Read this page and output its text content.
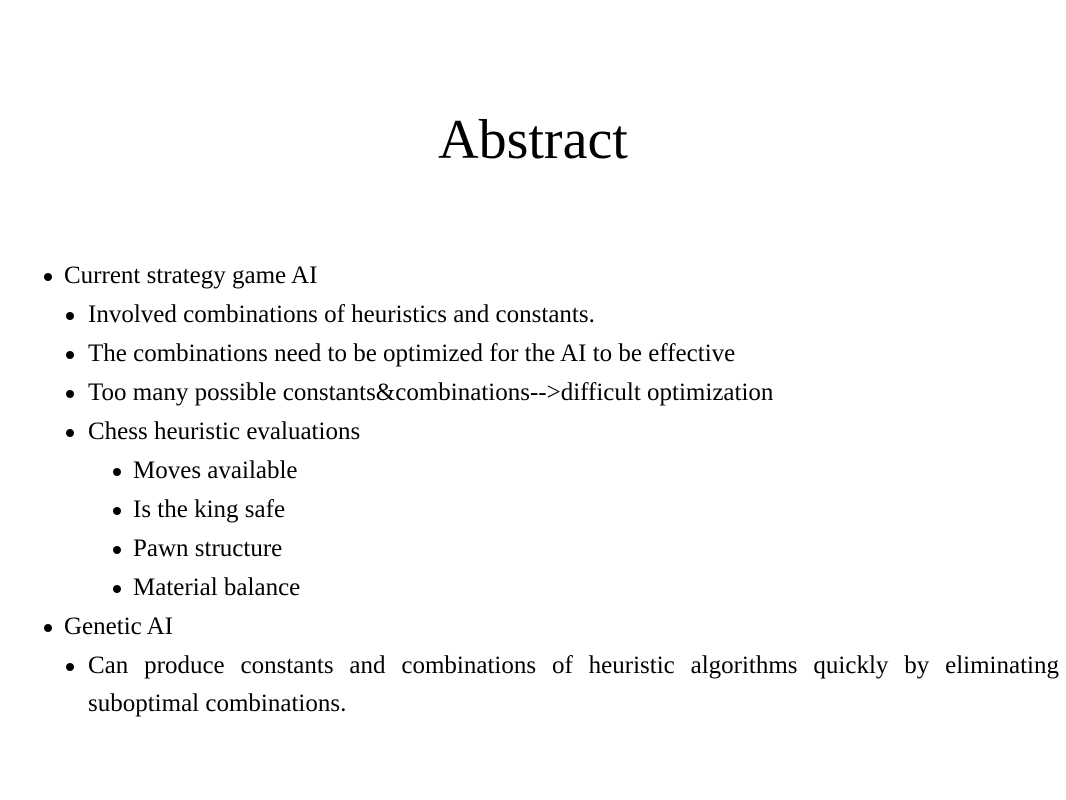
Abstract
Current strategy game AI
Involved combinations of heuristics and constants.
The combinations need to be optimized for the AI to be effective
Too many possible constants&combinations-->difficult optimization
Chess heuristic evaluations
Moves available
Is the king safe
Pawn structure
Material balance
Genetic AI
Can produce constants and combinations of heuristic algorithms quickly by eliminating suboptimal combinations.
